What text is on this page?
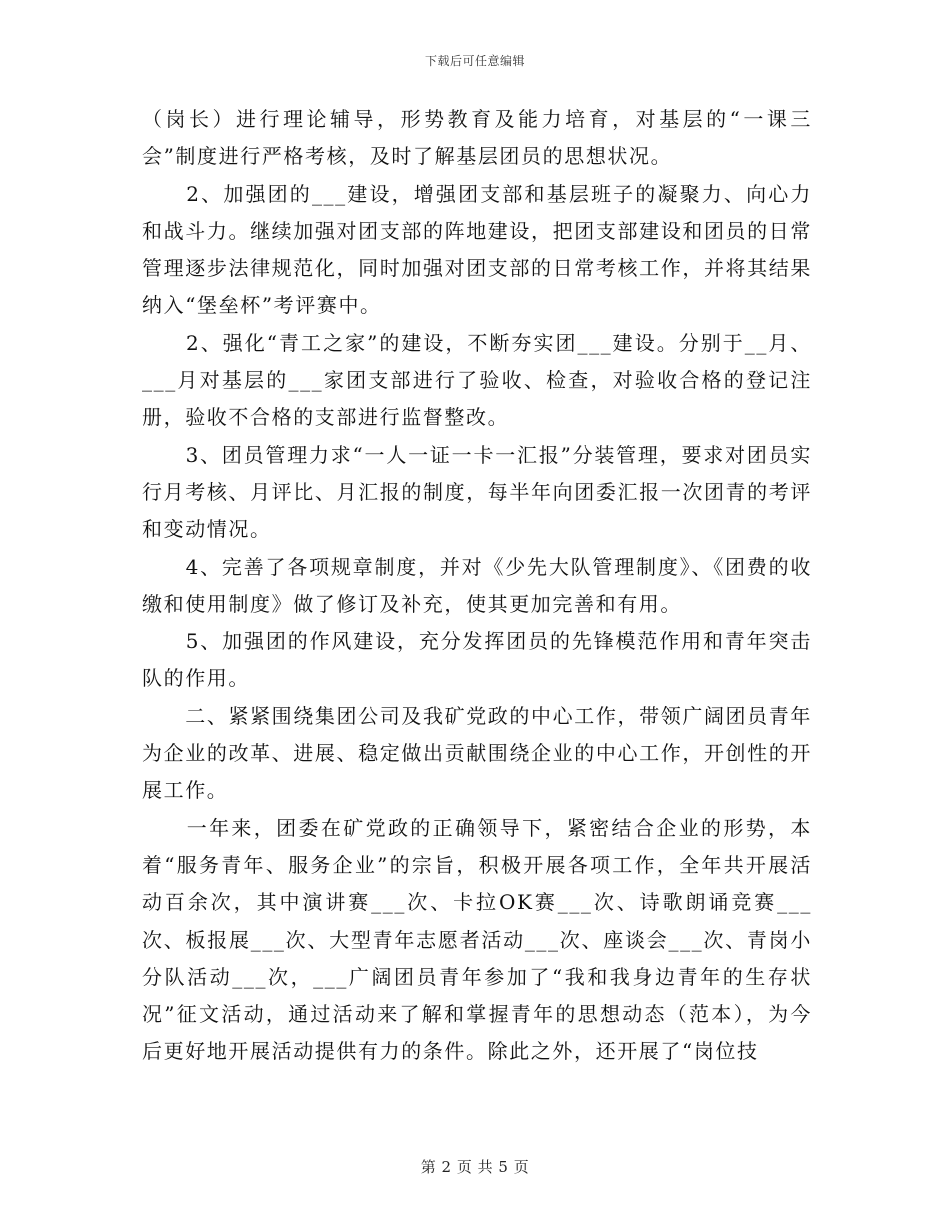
下载后可任意编辑

（岗长）进行理论辅导，形势教育及能力培育，对基层的“一课三会”制度进行严格考核，及时了解基层团员的思想状况。

　　2、加强团的___建设，增强团支部和基层班子的凝聚力、向心力和战斗力。继续加强对团支部的阵地建设，把团支部建设和团员的日常管理逐步法律规范化，同时加强对团支部的日常考核工作，并将其结果纳入“堡垒杯”考评赛中。

　　2、强化“青工之家”的建设，不断夯实团___建设。分别于__月、___月对基层的___家团支部进行了验收、检查，对验收合格的登记注册，验收不合格的支部进行监督整改。

　　3、团员管理力求“一人一证一卡一汇报”分装管理，要求对团员实行月考核、月评比、月汇报的制度，每半年向团委汇报一次团青的考评和变动情况。

　　4、完善了各项规章制度，并对《少先大队管理制度》、《团费的收缴和使用制度》做了修订及补充，使其更加完善和有用。

　　5、加强团的作风建设，充分发挥团员的先锋模范作用和青年突击队的作用。

　　二、紧紧围绕集团公司及我矿党政的中心工作，带领广阔团员青年为企业的改革、进展、稳定做出贡献围绕企业的中心工作，开创性的开展工作。

　　一年来，团委在矿党政的正确领导下，紧密结合企业的形势，本着“服务青年、服务企业”的宗旨，积极开展各项工作，全年共开展活动百余次，其中演讲赛___次、卡拉OK赛___次、诗歌朗诵竞赛___次、板报展___次、大型青年志愿者活动___次、座谈会___次、青岗小分队活动___次，___广阔团员青年参加了“我和我身边青年的生存状况”征文活动，通过活动来了解和掌握青年的思想动态（范本），为今后更好地开展活动提供有力的条件。除此之外，还开展了“岗位技

第 2 页 共 5 页
